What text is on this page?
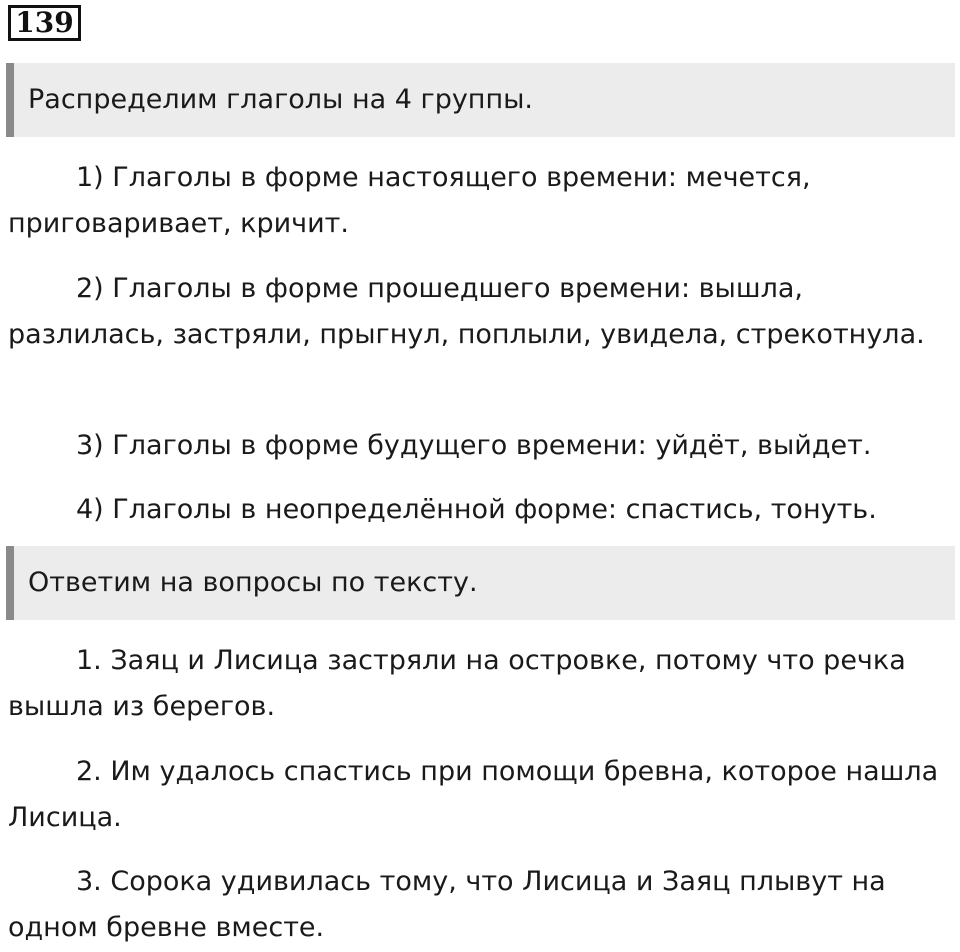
139
Распределим глаголы на 4 группы.

1) Глаголы в форме настоящего времени: мечется, приговаривает, кричит.

2) Глаголы в форме прошедшего времени: вышла, разлилась, застряли, прыгнул, поплыли, увидела, стрекотнула.

3) Глаголы в форме будущего времени: уйдёт, выйдет.

4) Глаголы в неопределённой форме: спастись, тонуть.

Ответим на вопросы по тексту.

1. Заяц и Лисица застряли на островке, потому что речка вышла из берегов.

2. Им удалось спастись при помощи бревна, которое нашла Лисица.

3. Сорока удивилась тому, что Лисица и Заяц плывут на одном бревне вместе.
